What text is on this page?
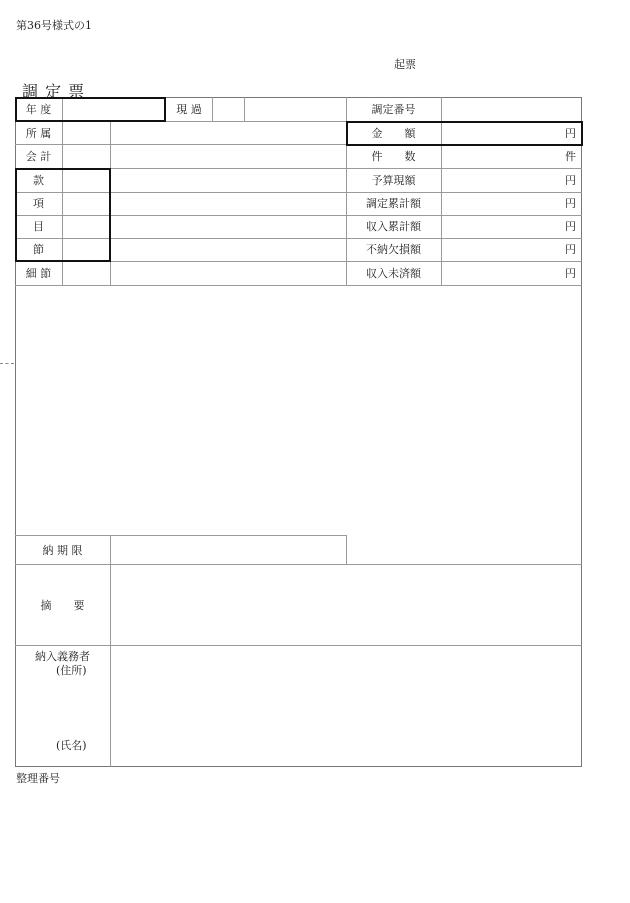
第36号様式の1
起票
調 定 票
年 度
所 属
会 計
款
項
目
節
細 節
現 過	調定番号
金　　額
件　　数
予算現額
調定累計額
収入累計額
不納欠損額
収入未済額
円
件
円
円
円
円
円
納 期 限
摘　　要
納入義務者
(住所)
(氏名)
整理番号
